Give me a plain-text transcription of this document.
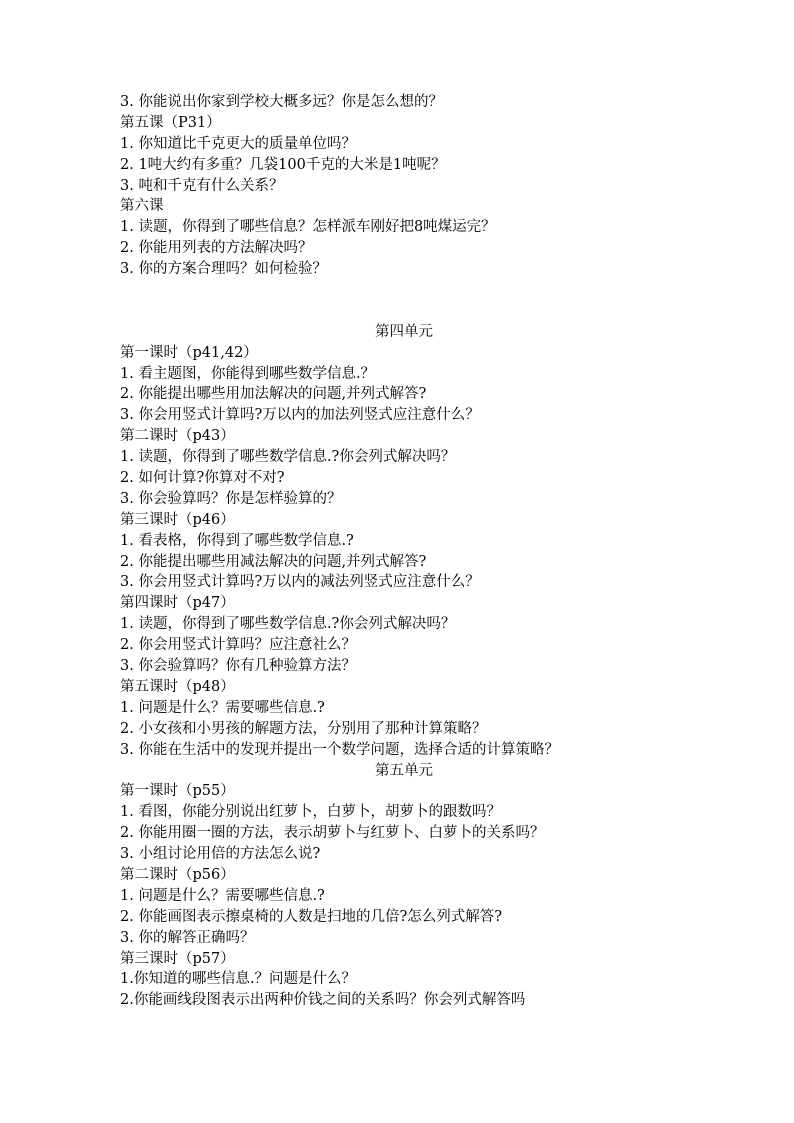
3. 你能说出你家到学校大概多远？你是怎么想的？
第五课（P31）
1. 你知道比千克更大的质量单位吗？
2. 1吨大约有多重？几袋100千克的大米是1吨呢？
3. 吨和千克有什么关系？
第六课
1. 读题，你得到了哪些信息？怎样派车刚好把8吨煤运完？
2. 你能用列表的方法解决吗？
3. 你的方案合理吗？如何检验？
第四单元
第一课时（p41,42）
1. 看主题图，你能得到哪些数学信息.？
2. 你能提出哪些用加法解决的问题,并列式解答?
3. 你会用竖式计算吗?万以内的加法列竖式应注意什么？
第二课时（p43）
1. 读题，你得到了哪些数学信息.?你会列式解决吗？
2. 如何计算?你算对不对?
3. 你会验算吗？你是怎样验算的？
第三课时（p46）
1. 看表格，你得到了哪些数学信息.?
2. 你能提出哪些用减法解决的问题,并列式解答?
3. 你会用竖式计算吗?万以内的减法列竖式应注意什么？
第四课时（p47）
1. 读题，你得到了哪些数学信息.?你会列式解决吗？
2. 你会用竖式计算吗？应注意社么？
3. 你会验算吗？你有几种验算方法？
第五课时（p48）
1. 问题是什么？需要哪些信息.?
2. 小女孩和小男孩的解题方法，分别用了那种计算策略？
3. 你能在生活中的发现并提出一个数学问题，选择合适的计算策略？
第五单元
第一课时（p55）
1. 看图，你能分别说出红萝卜，白萝卜，胡萝卜的跟数吗？
2. 你能用圈一圈的方法，表示胡萝卜与红萝卜、白萝卜的关系吗？
3. 小组讨论用倍的方法怎么说?
第二课时（p56）
1. 问题是什么？需要哪些信息.?
2. 你能画图表示擦桌椅的人数是扫地的几倍?怎么列式解答?
3. 你的解答正确吗？
第三课时（p57）
1.你知道的哪些信息.？问题是什么？
2.你能画线段图表示出两种价钱之间的关系吗？你会列式解答吗
